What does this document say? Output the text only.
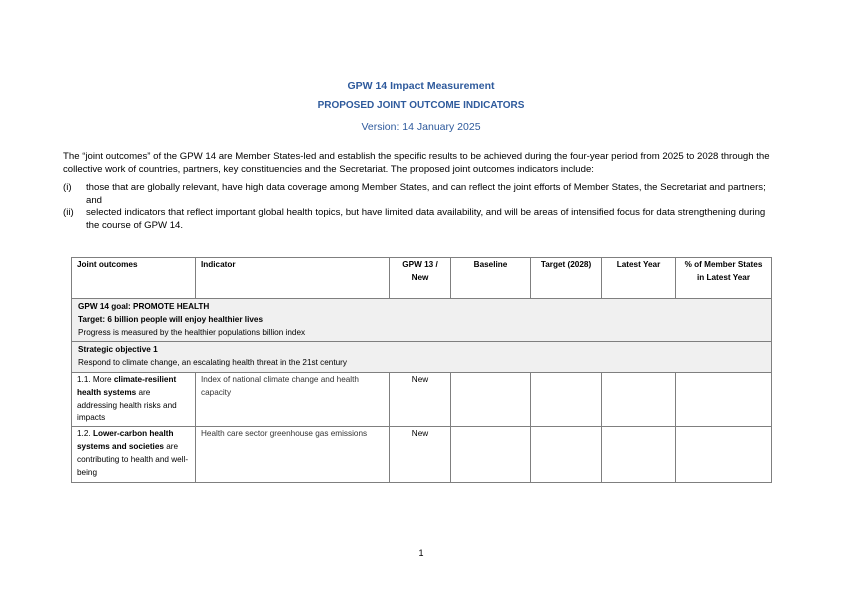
GPW 14 Impact Measurement
PROPOSED JOINT OUTCOME INDICATORS
Version: 14 January 2025

The “joint outcomes” of the GPW 14 are Member States-led and establish the specific results to be achieved during the four-year period from 2025 to 2028 through the collective work of countries, partners, key constituencies and the Secretariat. The proposed joint outcomes indicators include:

(i)	those that are globally relevant, have high data coverage among Member States, and can reflect the joint efforts of Member States, the Secretariat and partners; and
(ii)	selected indicators that reflect important global health topics, but have limited data availability, and will be areas of intensified focus for data strengthening during the course of GPW 14.
Joint outcomes	Indicator	GPW 13 / New	Baseline	Target (2028)	Latest Year	% of Member States in Latest Year

GPW 14 goal: PROMOTE HEALTH
Target: 6 billion people will enjoy healthier lives
Progress is measured by the healthier populations billion index						

Strategic objective 1
Respond to climate change, an escalating health threat in the 21st century						

1.1. More climate-resilient health systems are addressing health risks and impacts	Index of national climate change and health capacity	New				
1.2. Lower-carbon health systems and societies are contributing to health and well-being	Health care sector greenhouse gas emissions	New				
1
